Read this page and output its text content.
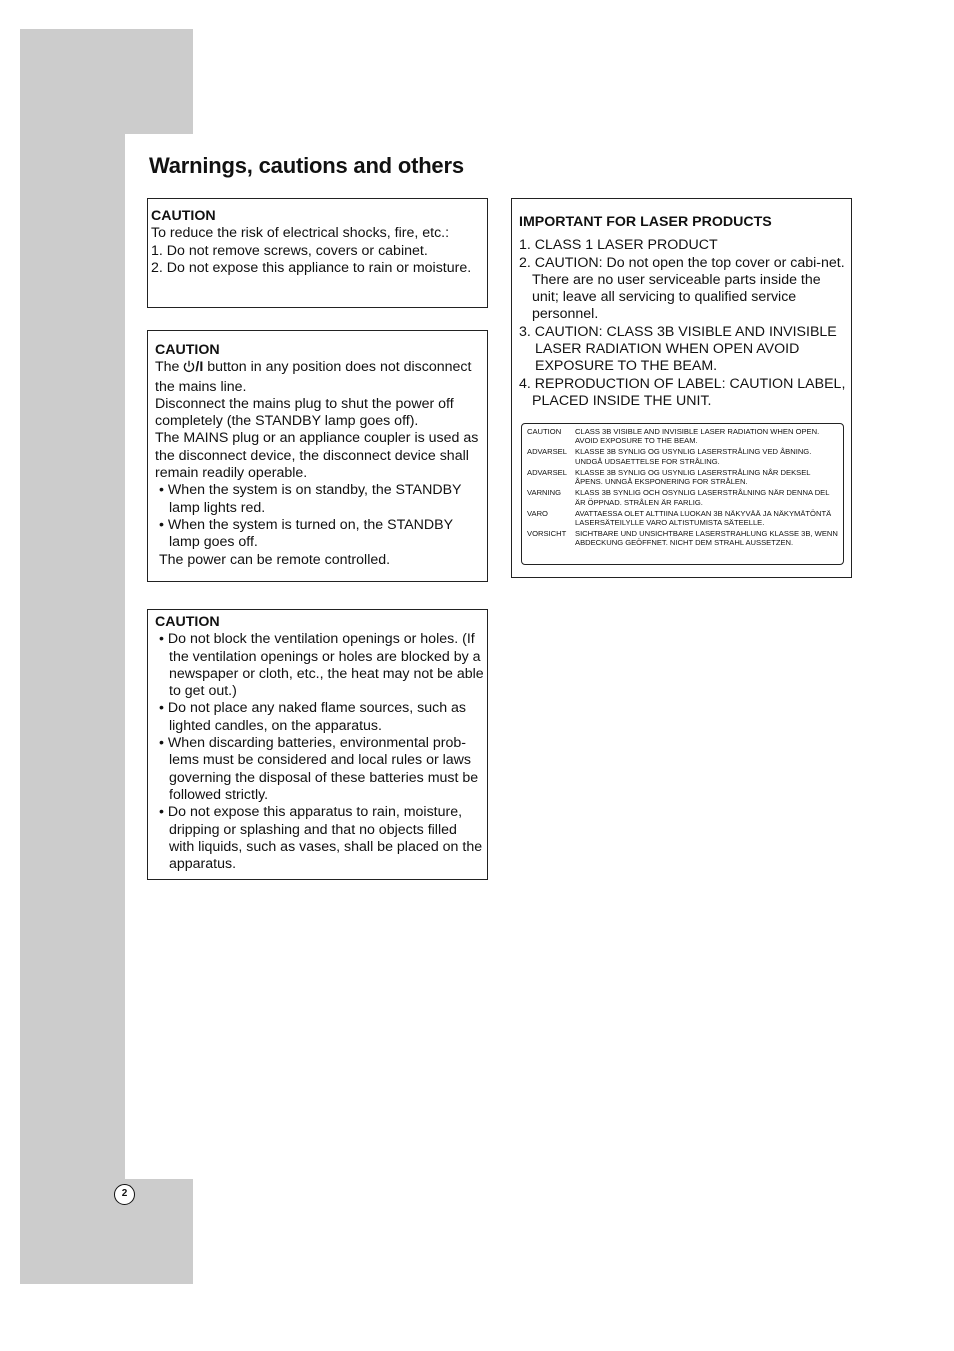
Warnings, cautions and others
CAUTION

To reduce the risk of electrical shocks, fire, etc.:

1. Do not remove screws, covers or cabinet.

2. Do not expose this appliance to rain or moisture.

CAUTION

The /I button in any position does not disconnect the mains line.

Disconnect the mains plug to shut the power off completely (the STANDBY lamp goes off).

The MAINS plug or an appliance coupler is used as the disconnect device, the disconnect device shall remain readily operable.

• When the system is on standby, the STANDBY lamp lights red.

• When the system is turned on, the STANDBY lamp goes off.

The power can be remote controlled.

CAUTION

• Do not block the ventilation openings or holes. (If the ventilation openings or holes are blocked by a newspaper or cloth, etc., the heat may not be able to get out.)

• Do not place any naked flame sources, such as lighted candles, on the apparatus.

• When discarding batteries, environmental prob-lems must be considered and local rules or laws governing the disposal of these batteries must be followed strictly.

• Do not expose this apparatus to rain, moisture, dripping or splashing and that no objects filled with liquids, such as vases, shall be placed on the apparatus.

IMPORTANT FOR LASER PRODUCTS

1. CLASS 1 LASER PRODUCT

2. CAUTION: Do not open the top cover or cabi-net. There are no user serviceable parts inside the unit; leave all servicing to qualified service personnel.

3. CAUTION: CLASS 3B VISIBLE AND INVISIBLE LASER RADIATION WHEN OPEN AVOID EXPOSURE TO THE BEAM.

4. REPRODUCTION OF LABEL: CAUTION LABEL, PLACED INSIDE THE UNIT.

CAUTION	CLASS 3B VISIBLE AND INVISIBLE LASER RADIATION WHEN OPEN. AVOID EXPOSURE TO THE BEAM.
ADVARSEL	KLASSE 3B SYNLIG OG USYNLIG LASERSTRÅLING VED ÅBNING. UNDGÅ UDSAETTELSE FOR STRÅLING.
ADVARSEL	KLASSE 3B SYNLIG OG USYNLIG LASERSTRÅLING NÅR DEKSEL ÅPENS. UNNGÅ EKSPONERING FOR STRÅLEN.
VARNING	KLASS 3B SYNLIG OCH OSYNLIG LASERSTRÅLNING NÄR DENNA DEL ÄR ÖPPNAD. STRÅLEN ÄR FARLIG.
VARO	AVATTAESSA OLET ALTTIINA LUOKAN 3B NÄKYVÄÄ JA NÄKYMÄTÖNTÄ LASERSÄTEILYLLE VARO ALTISTUMISTA SÄTEELLE.
VORSICHT	SICHTBARE UND UNSICHTBARE LASERSTRAHLUNG KLASSE 3B, WENN ABDECKUNG GEÖFFNET. NICHT DEM STRAHL AUSSETZEN.
2
